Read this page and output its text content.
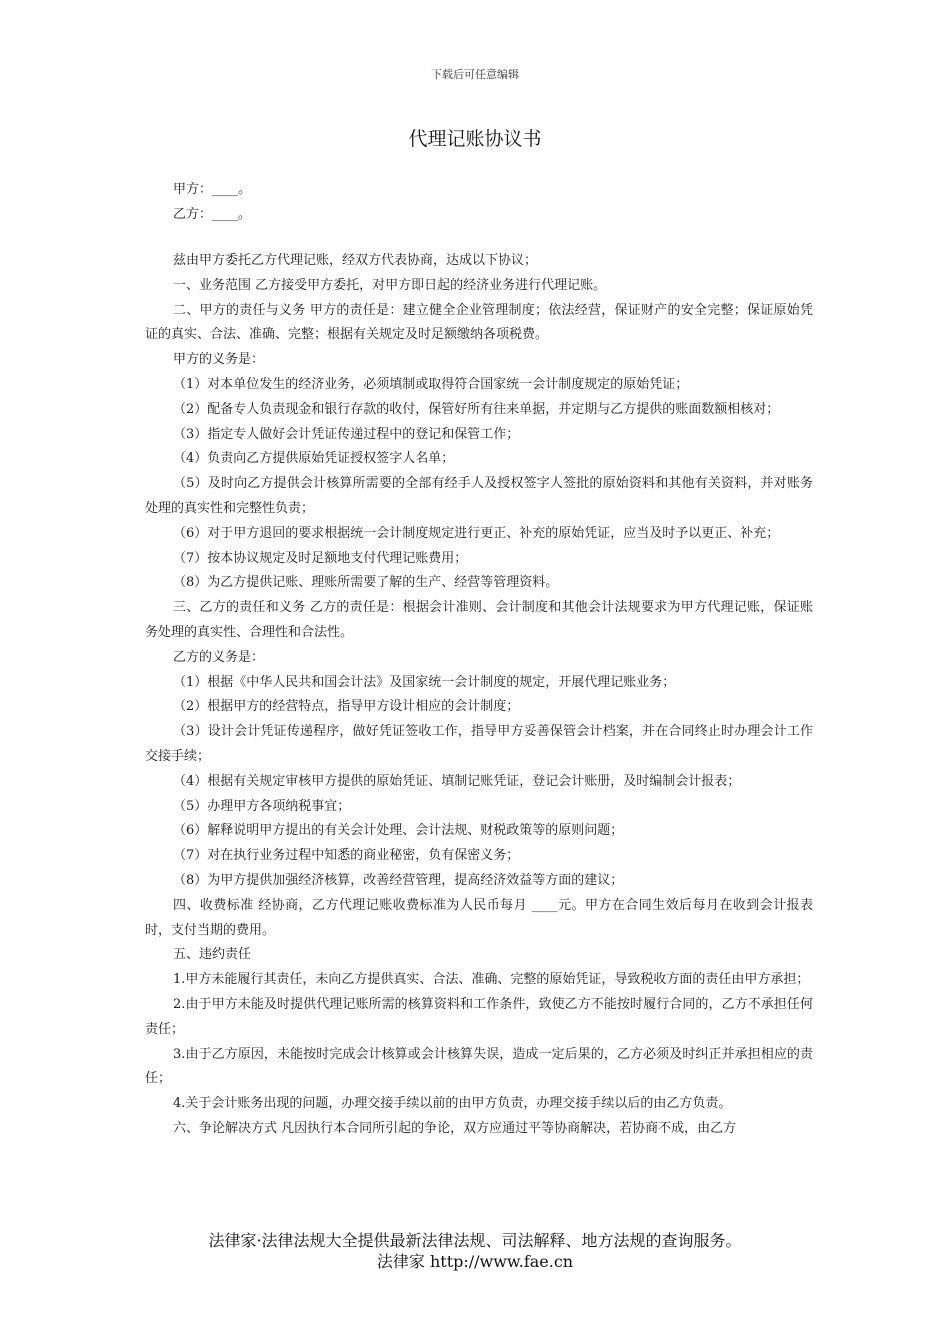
下载后可任意编辑
代理记账协议书
甲方：____。
乙方：____。

兹由甲方委托乙方代理记账，经双方代表协商，达成以下协议；

一、业务范围 乙方接受甲方委托，对甲方即日起的经济业务进行代理记账。

二、甲方的责任与义务 甲方的责任是：建立健全企业管理制度；依法经营，保证财产的安全完整；保证原始凭证的真实、合法、准确、完整；根据有关规定及时足额缴纳各项税费。

甲方的义务是：

（1）对本单位发生的经济业务，必须填制或取得符合国家统一会计制度规定的原始凭证；

（2）配备专人负责现金和银行存款的收付，保管好所有往来单据，并定期与乙方提供的账面数额相核对；

（3）指定专人做好会计凭证传递过程中的登记和保管工作；

（4）负责向乙方提供原始凭证授权签字人名单；

（5）及时向乙方提供会计核算所需要的全部有经手人及授权签字人签批的原始资料和其他有关资料，并对账务处理的真实性和完整性负责；

（6）对于甲方退回的要求根据统一会计制度规定进行更正、补充的原始凭证，应当及时予以更正、补充；

（7）按本协议规定及时足额地支付代理记账费用；

（8）为乙方提供记账、理账所需要了解的生产、经营等管理资料。

三、乙方的责任和义务 乙方的责任是：根据会计准则、会计制度和其他会计法规要求为甲方代理记账，保证账务处理的真实性、合理性和合法性。

乙方的义务是：

（1）根据《中华人民共和国会计法》及国家统一会计制度的规定，开展代理记账业务；

（2）根据甲方的经营特点，指导甲方设计相应的会计制度；

（3）设计会计凭证传递程序，做好凭证签收工作，指导甲方妥善保管会计档案，并在合同终止时办理会计工作交接手续；

（4）根据有关规定审核甲方提供的原始凭证、填制记账凭证，登记会计账册，及时编制会计报表；

（5）办理甲方各项纳税事宜；

（6）解释说明甲方提出的有关会计处理、会计法规、财税政策等的原则问题；

（7）对在执行业务过程中知悉的商业秘密，负有保密义务；

（8）为甲方提供加强经济核算，改善经营管理，提高经济效益等方面的建议；

四、收费标准 经协商，乙方代理记账收费标准为人民币每月 ____元。甲方在合同生效后每月在收到会计报表时，支付当期的费用。

五、违约责任

1.甲方未能履行其责任，未向乙方提供真实、合法、准确、完整的原始凭证，导致税收方面的责任由甲方承担；

2.由于甲方未能及时提供代理记账所需的核算资料和工作条件，致使乙方不能按时履行合同的，乙方不承担任何责任；

3.由于乙方原因，未能按时完成会计核算或会计核算失误，造成一定后果的，乙方必须及时纠正并承担相应的责任；

4.关于会计账务出现的问题，办理交接手续以前的由甲方负责，办理交接手续以后的由乙方负责。

六、争论解决方式 凡因执行本合同所引起的争论，双方应通过平等协商解决，若协商不成，由乙方

法律家·法律法规大全提供最新法律法规、司法解释、地方法规的查询服务。
法律家 http://www.fae.cn
